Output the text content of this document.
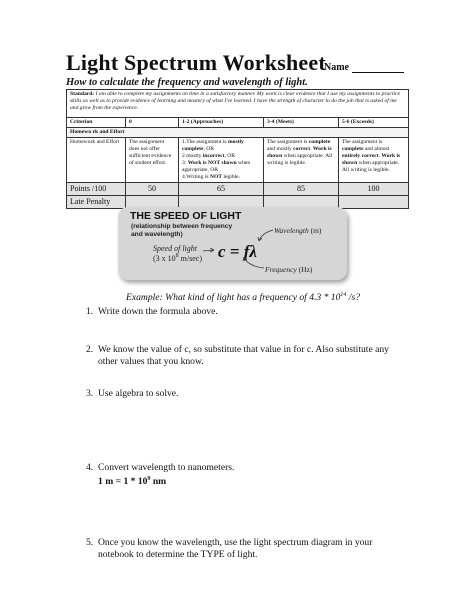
Light Spectrum Worksheet
Name
How to calculate the frequency and wavelength of light.
Standard: I am able to complete my assignments on time in a satisfactory manner. My work is clear evidence that I use my assignments to practice skills as well as to provide evidence of learning and mastery of what I've learned. I have the strength of character to do the job that is asked of me and grow from the experience.				
Criterion	0	1-2 (Approaches)	3-4 (Meets)	5-6 (Exceeds)
Homewo rk and Effort				
Homework and Effort	The assignment does not offer sufficient evidence of student effort.	1.The assignment is mostly complete, OR
2.mostly incorrect, OR
3: Work is NOT shown when appropriate, OR
4.Writing is NOT legible.	The assignment is complete and mostly correct. Work is shown when appropriate. All writing is legible.	The assignment is complete and almost entirely correct. Work is shown when appropriate. All writing is legible.
Points /100	50	65	85	100
Late Penalty				
THE SPEED OF LIGHT
(relationship between frequency and wavelength)
Speed of light
(3 x $10^8$ m/sec) c = fλ
Wavelength (m)
Frequency (Hz)
Example: What kind of light has a frequency of $4.3 * 10^{14}$ /s?
1. Write down the formula above.
2. We know the value of c, so substitute that value in for c. Also substitute any other values that you know.
3. Use algebra to solve.
4. Convert wavelength to nanometers.
1 $m = 1 * 10^9$ nm
5. Once you know the wavelength, use the light spectrum diagram in your notebook to determine the TYPE of light.
